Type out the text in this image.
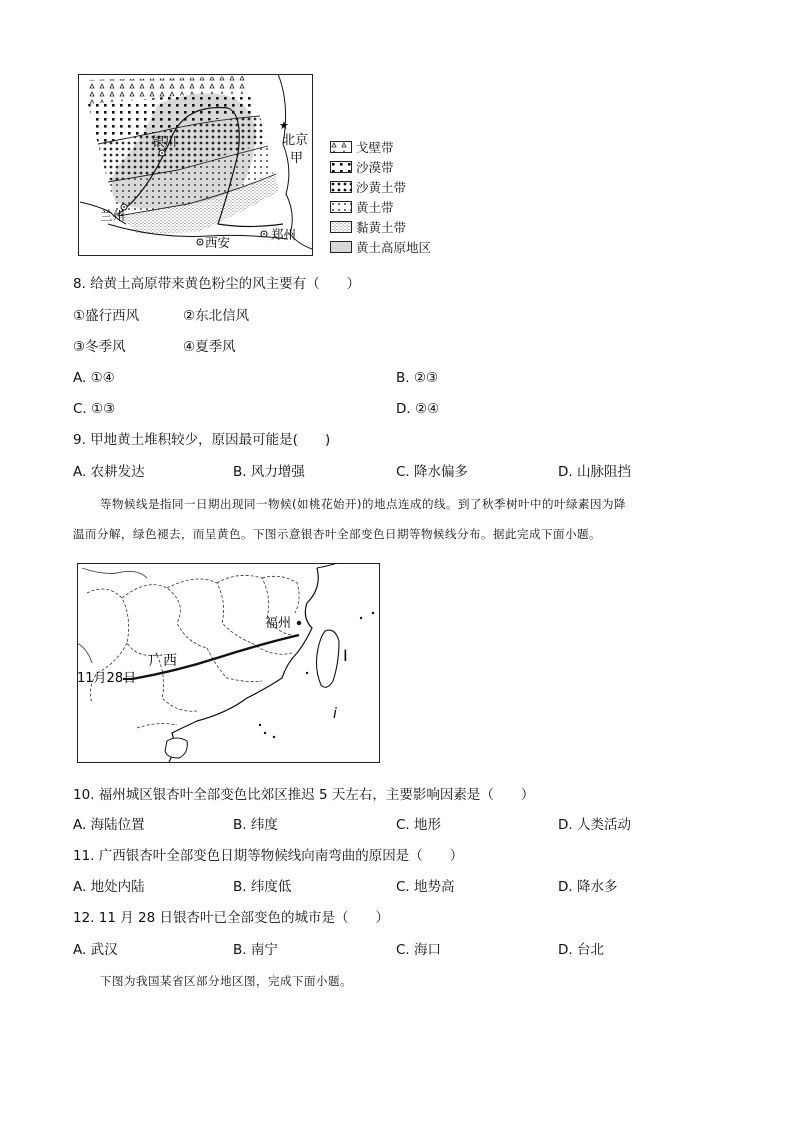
★
北京
甲
银川
兰州
西安
郑州
戈壁带
沙漠带
沙黄土带
黄土带
黏黄土带
黄土高原地区
8. 给黄土高原带来黄色粉尘的风主要有（　　）
①盛行西风	②东北信风
③冬季风	④夏季风
A. ①④	B. ②③
C. ①③	D. ②④
9. 甲地黄土堆积较少，原因最可能是(　　)
A. 农耕发达	B. 风力增强	C. 降水偏多	D. 山脉阻挡
等物候线是指同一日期出现同一物候(如桃花始开)的地点连成的线。到了秋季树叶中的叶绿素因为降
温而分解，绿色褪去，而呈黄色。下图示意银杏叶全部变色日期等物候线分布。据此完成下面小题。
I
i
福州
广西
11月28日
10. 福州城区银杏叶全部变色比郊区推迟 5 天左右，主要影响因素是（　　）
A. 海陆位置	B. 纬度	C. 地形	D. 人类活动
11. 广西银杏叶全部变色日期等物候线向南弯曲的原因是（　　）
A. 地处内陆	B. 纬度低	C. 地势高	D. 降水多
12. 11 月 28 日银杏叶已全部变色的城市是（　　）
A. 武汉	B. 南宁	C. 海口	D. 台北
下图为我国某省区部分地区图，完成下面小题。
